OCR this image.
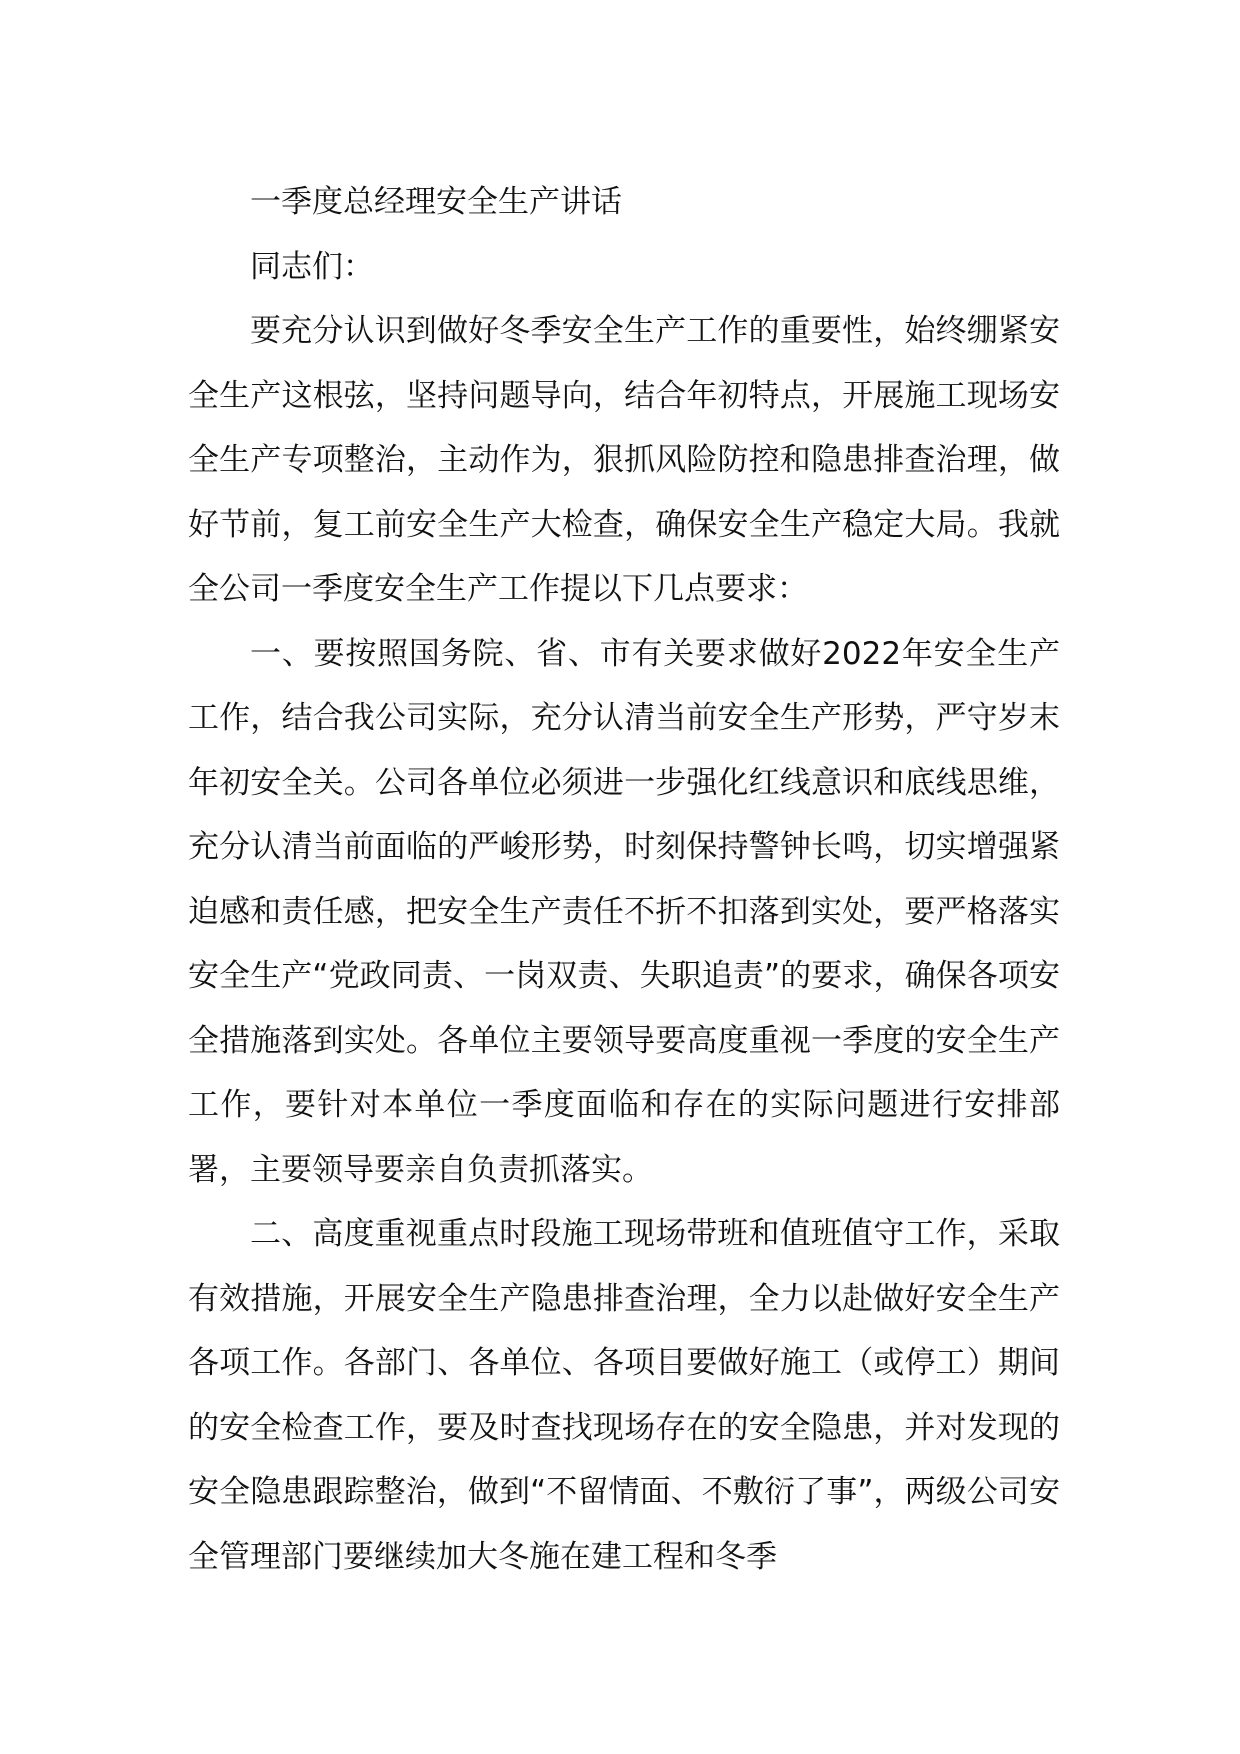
一季度总经理安全生产讲话

同志们：

要充分认识到做好冬季安全生产工作的重要性，始终绷紧安全生产这根弦，坚持问题导向，结合年初特点，开展施工现场安全生产专项整治，主动作为，狠抓风险防控和隐患排查治理，做好节前，复工前安全生产大检查，确保安全生产稳定大局。我就全公司一季度安全生产工作提以下几点要求：

一、要按照国务院、省、市有关要求做好2022年安全生产工作，结合我公司实际，充分认清当前安全生产形势，严守岁末年初安全关。公司各单位必须进一步强化红线意识和底线思维，充分认清当前面临的严峻形势，时刻保持警钟长鸣，切实增强紧迫感和责任感，把安全生产责任不折不扣落到实处，要严格落实安全生产“党政同责、一岗双责、失职追责”的要求，确保各项安全措施落到实处。各单位主要领导要高度重视一季度的安全生产工作，要针对本单位一季度面临和存在的实际问题进行安排部署，主要领导要亲自负责抓落实。

二、高度重视重点时段施工现场带班和值班值守工作，采取有效措施，开展安全生产隐患排查治理，全力以赴做好安全生产各项工作。各部门、各单位、各项目要做好施工（或停工）期间的安全检查工作，要及时查找现场存在的安全隐患，并对发现的安全隐患跟踪整治，做到“不留情面、不敷衍了事”，两级公司安全管理部门要继续加大冬施在建工程和冬季
